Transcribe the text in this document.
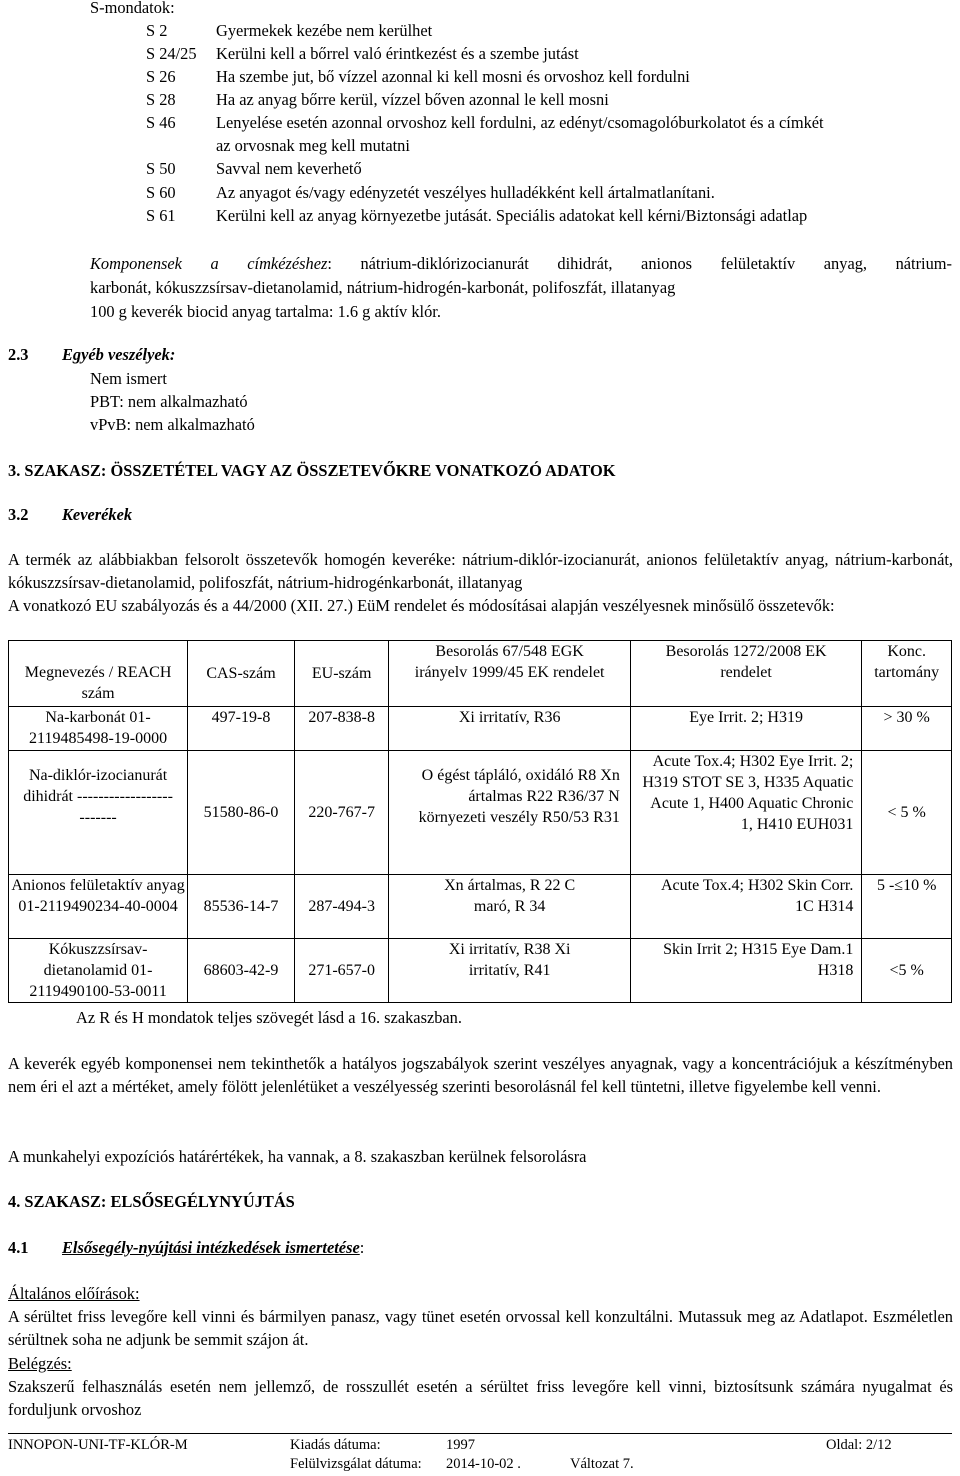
S-mondatok:
S 2	Gyermekek kezébe nem kerülhet
S 24/25 Kerülni kell a bőrrel való érintkezést és a szembe jutást
S 26 Ha szembe jut, bő vízzel azonnal ki kell mosni és orvoshoz kell fordulni
S 28 Ha az anyag bőrre kerül, vízzel bőven azonnal le kell mosni
S 46 Lenyelése esetén azonnal orvoshoz kell fordulni, az edényt/csomagolóburkolatot és a címkét
az orvosnak meg kell mutatni
S 50 Savval nem keverhető
S 60 Az anyagot és/vagy edényzetét veszélyes hulladékként kell ártalmatlanítani.
S 61 Kerülni kell az anyag környezetbe jutását. Speciális adatokat kell kérni/Biztonsági adatlap
Komponensek a címkézéshez: nátrium-diklórizocianurát dihidrát, anionos felületaktív anyag, nátrium-
karbonát, kókuszzsírsav-dietanolamid, nátrium-hidrogén-karbonát, polifoszfát, illatanyag
100 g keverék biocid anyag tartalma: 1.6 g aktív klór.
2.3 Egyéb veszélyek:
Nem ismert
PBT: nem alkalmazható
vPvB: nem alkalmazható
3. SZAKASZ: ÖSSZETÉTEL VAGY AZ ÖSSZETEVŐKRE VONATKOZÓ ADATOK
3.2 Keverékek
A termék az alábbiakban felsorolt összetevők homogén keveréke: nátrium-diklór-izocianurát, anionos felületaktív anyag, nátrium-karbonát, kókuszzsírsav-dietanolamid, polifoszfát, nátrium-hidrogénkarbonát, illatanyag
A vonatkozó EU szabályozás és a 44/2000 (XII. 27.) EüM rendelet és módosításai alapján veszélyesnek minősülő összetevők:
Megnevezés / REACH szám	CAS-szám	EU-szám	Besorolás 67/548 EGK irányelv 1999/45 EK rendelet	Besorolás 1272/2008 EK rendelet	Konc. tartomány
Na-karbonát 01-2119485498-19-0000	497-19-8	207-838-8	Xi irritatív, R36	Eye Irrit. 2; H319	> 30 %
Na-diklór-izocianurát dihidrát -------------------------	51580-86-0	220-767-7	O égést tápláló, oxidáló R8 Xn ártalmas R22 R36/37 N környezeti veszély R50/53 R31	Acute Tox.4; H302 Eye Irrit. 2; H319 STOT SE 3, H335 Aquatic Acute 1, H400 Aquatic Chronic 1, H410 EUH031	< 5 %
Anionos felületaktív anyag 01-2119490234-40-0004	85536-14-7	287-494-3	Xn ártalmas, R 22 C maró, R 34	Acute Tox.4; H302 Skin Corr. 1C H314	5 -≤10 %
Kókuszzsírsav-dietanolamid 01-2119490100-53-0011	68603-42-9	271-657-0	Xi irritatív, R38 Xi irritatív, R41	Skin Irrit 2; H315 Eye Dam.1 H318	<5 %
Az R és H mondatok teljes szövegét lásd a 16. szakaszban.
A keverék egyéb komponensei nem tekinthetők a hatályos jogszabályok szerint veszélyes anyagnak, vagy a koncentrációjuk a készítményben nem éri el azt a mértéket, amely fölött jelenlétüket a veszélyesség szerinti besorolásnál fel kell tüntetni, illetve figyelembe kell venni.
A munkahelyi expozíciós határértékek, ha vannak, a 8. szakaszban kerülnek felsorolásra
4. SZAKASZ: ELSŐSEGÉLYNYÚJTÁS
4.1 Elsősegély-nyújtási intézkedések ismertetése:
Általános előírások:
A sérültet friss levegőre kell vinni és bármilyen panasz, vagy tünet esetén orvossal kell konzultálni. Mutassuk meg az Adatlapot. Eszméletlen sérültnek soha ne adjunk be semmit szájon át.
Belégzés:
Szakszerű felhasználás esetén nem jellemző, de rosszullét esetén a sérültet friss levegőre kell vinni, biztosítsunk számára nyugalmat és forduljunk orvoshoz
INNOPON-UNI-TF-KLÓR-M	Kiadás dátuma:	1997	Oldal: 2/12
Felülvizsgálat dátuma: 2014-10-02 .	Változat 7.
